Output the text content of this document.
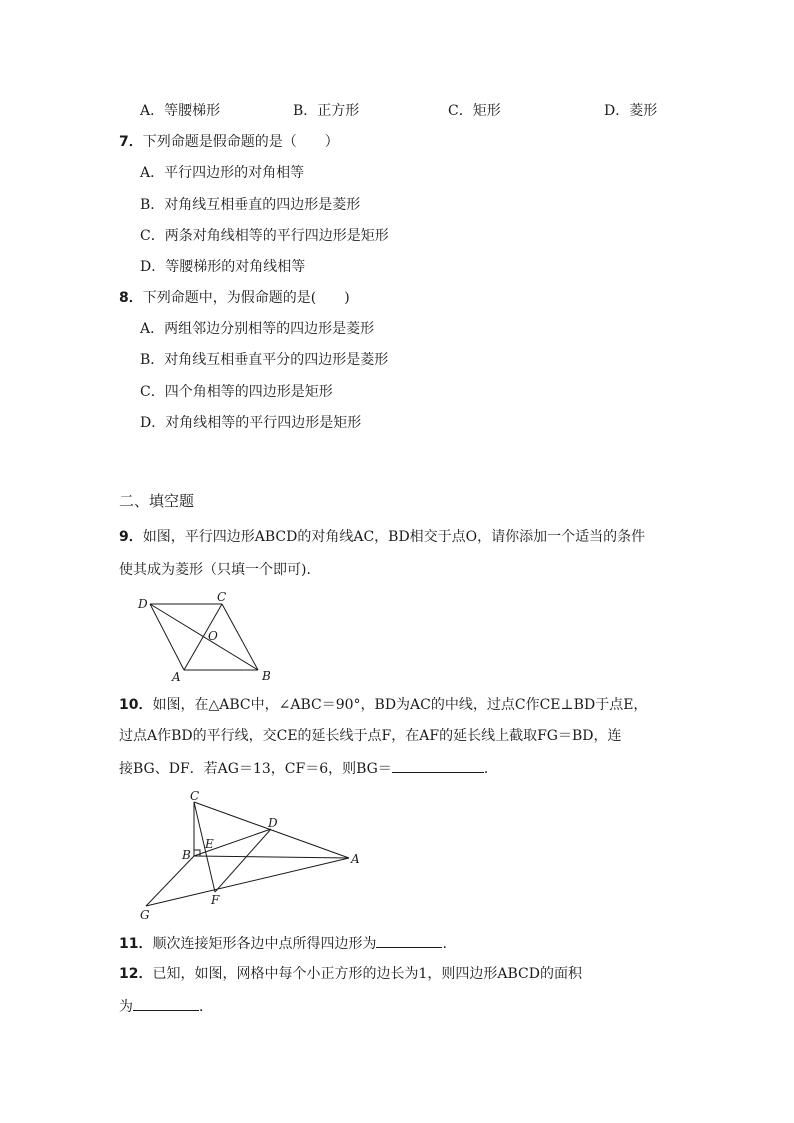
A．等腰梯形	B．正方形	C．矩形	D．菱形
7．下列命题是假命题的是（　　）
A．平行四边形的对角相等
B．对角线互相垂直的四边形是菱形
C．两条对角线相等的平行四边形是矩形
D．等腰梯形的对角线相等
8．下列命题中，为假命题的是(　　)
A．两组邻边分别相等的四边形是菱形
B．对角线互相垂直平分的四边形是菱形
C．四个角相等的四边形是矩形
D．对角线相等的平行四边形是矩形
二、填空题
9．如图，平行四边形ABCD的对角线AC，BD相交于点O，请你添加一个适当的条件
使其成为菱形（只填一个即可)．
D	C
O
A	B
10．如图，在△ABC中，∠ABC＝90°，BD为AC的中线，过点C作CE⊥BD于点E，
过点A作BD的平行线，交CE的延长线于点F，在AF的延长线上截取FG＝BD，连
接BG、DF．若AG＝13，CF＝6，则BG＝	．
C
D
E
B	A
F
G
11．顺次连接矩形各边中点所得四边形为	.
12．已知，如图，网格中每个小正方形的边长为1，则四边形ABCD的面积
为	．
